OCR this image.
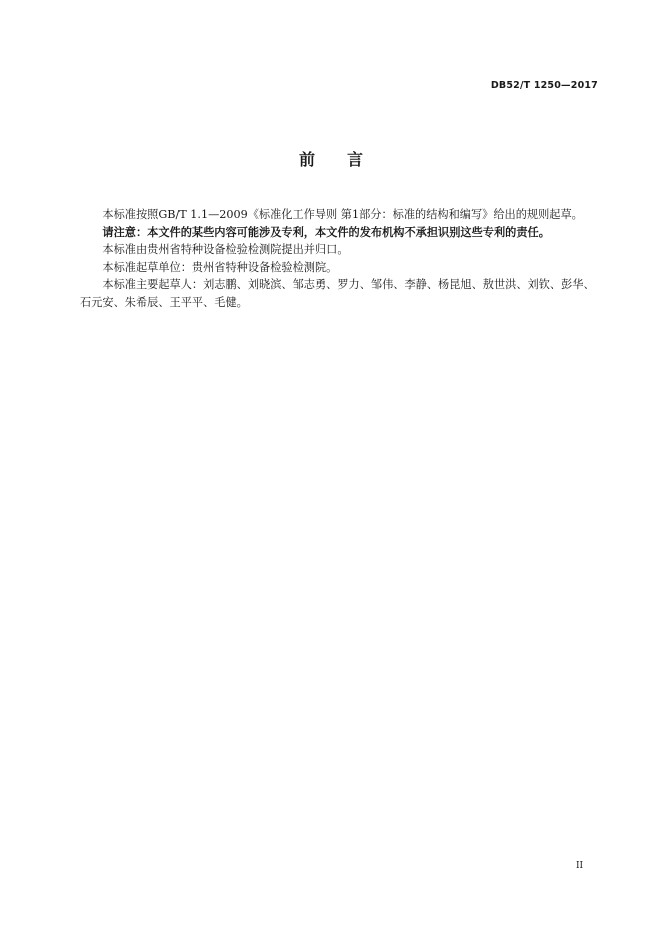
DB52/T 1250—2017
前　　言

本标准按照GB/T 1.1—2009《标准化工作导则 第1部分：标准的结构和编写》给出的规则起草。

请注意：本文件的某些内容可能涉及专利，本文件的发布机构不承担识别这些专利的责任。

本标准由贵州省特种设备检验检测院提出并归口。

本标准起草单位：贵州省特种设备检验检测院。

本标准主要起草人：刘志鹏、刘晓滨、邹志勇、罗力、邹伟、李静、杨昆旭、敖世洪、刘钦、彭华、石元安、朱希辰、王平平、毛健。

II
